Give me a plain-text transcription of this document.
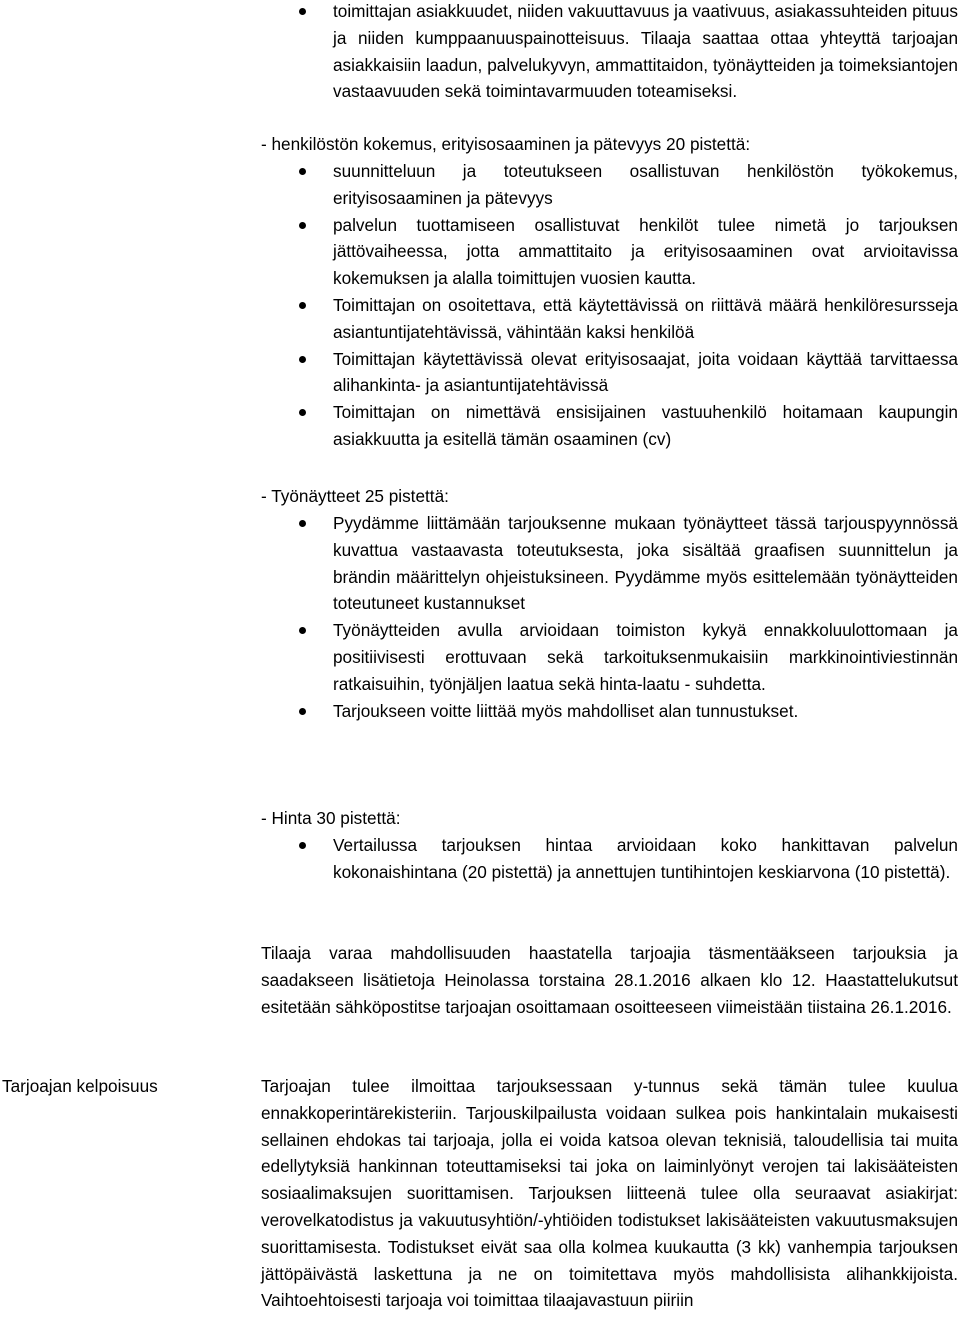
toimittajan asiakkuudet, niiden vakuuttavuus ja vaativuus, asiakassuhteiden pituus ja niiden kumppaanuuspainotteisuus. Tilaaja saattaa ottaa yhteyttä tarjoajan asiakkaisiin laadun, palvelukyvyn, ammattitaidon, työnäytteiden ja toimeksiantojen vastaavuuden sekä toimintavarmuuden toteamiseksi.

- henkilöstön kokemus, erityisosaaminen ja pätevyys 20 pistettä:

suunnitteluun ja toteutukseen osallistuvan henkilöstön työkokemus, erityisosaaminen ja pätevyys
palvelun tuottamiseen osallistuvat henkilöt tulee nimetä jo tarjouksen jättövaiheessa, jotta ammattitaito ja erityisosaaminen ovat arvioitavissa kokemuksen ja alalla toimittujen vuosien kautta.
Toimittajan on osoitettava, että käytettävissä on riittävä määrä henkilöresursseja asiantuntijatehtävissä, vähintään kaksi henkilöä
Toimittajan käytettävissä olevat erityisosaajat, joita voidaan käyttää tarvittaessa alihankinta- ja asiantuntijatehtävissä
Toimittajan on nimettävä ensisijainen vastuuhenkilö hoitamaan kaupungin asiakkuutta ja esitellä tämän osaaminen (cv)

- Työnäytteet 25 pistettä:

Pyydämme liittämään tarjouksenne mukaan työnäytteet tässä tarjouspyynnössä kuvattua vastaavasta toteutuksesta, joka sisältää graafisen suunnittelun ja brändin määrittelyn ohjeistuksineen. Pyydämme myös esittelemään työnäytteiden toteutuneet kustannukset
Työnäytteiden avulla arvioidaan toimiston kykyä ennakkoluulottomaan ja positiivisesti erottuvaan sekä tarkoituksenmukaisiin markkinointiviestinnän ratkaisuihin, työnjäljen laatua sekä hinta-laatu - suhdetta.
Tarjoukseen voitte liittää myös mahdolliset alan tunnustukset.

- Hinta 30 pistettä:

Vertailussa tarjouksen hintaa arvioidaan koko hankittavan palvelun kokonaishintana (20 pistettä) ja annettujen tuntihintojen keskiarvona (10 pistettä).

Tilaaja varaa mahdollisuuden haastatella tarjoajia täsmentääkseen tarjouksia ja saadakseen lisätietoja Heinolassa torstaina 28.1.2016 alkaen klo 12. Haastattelukutsut esitetään sähköpostitse tarjoajan osoittamaan osoitteeseen viimeistään tiistaina 26.1.2016.

Tarjoajan kelpoisuus	Tarjoajan tulee ilmoittaa tarjouksessaan y-tunnus sekä tämän tulee kuulua ennakkoperintärekisteriin. Tarjouskilpailusta voidaan sulkea pois hankintalain mukaisesti sellainen ehdokas tai tarjoaja, jolla ei voida katsoa olevan teknisiä, taloudellisia tai muita edellytyksiä hankinnan toteuttamiseksi tai joka on laiminlyönyt verojen tai lakisääteisten sosiaalimaksujen suorittamisen. Tarjouksen liitteenä tulee olla seuraavat asiakirjat: verovelkatodistus ja vakuutusyhtiön/-yhtiöiden todistukset lakisääteisten vakuutusmaksujen suorittamisesta. Todistukset eivät saa olla kolmea kuukautta (3 kk) vanhempia tarjouksen jättöpäivästä laskettuna ja ne on toimitettava myös mahdollisista alihankkijoista. Vaihtoehtoisesti tarjoaja voi toimittaa tilaajavastuun piiriin
